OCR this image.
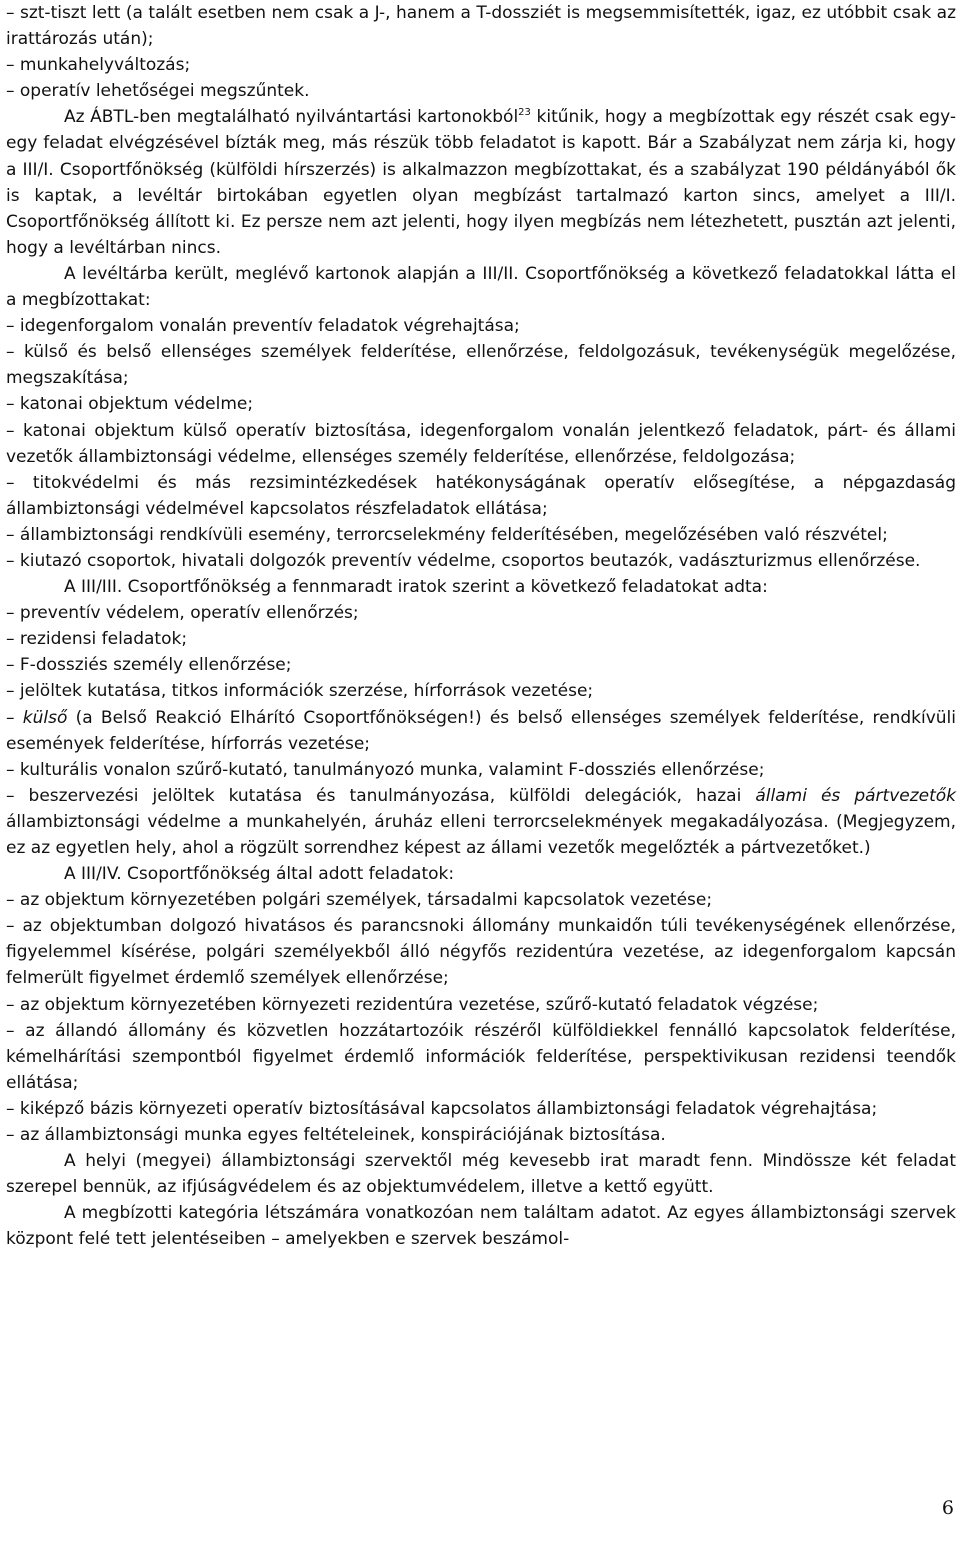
– szt-tiszt lett (a talált esetben nem csak a J-, hanem a T-dossziét is megsemmisítették, igaz, ez utóbbit csak az irattározás után);

– munkahelyváltozás;

– operatív lehetőségei megszűntek.

Az ÁBTL-ben megtalálható nyilvántartási kartonokból$^{23}$ kitűnik, hogy a megbízottak egy részét csak egy-egy feladat elvégzésével bízták meg, más részük több feladatot is kapott. Bár a Szabályzat nem zárja ki, hogy a III/I. Csoportfőnökség (külföldi hírszerzés) is alkalmazzon megbízottakat, és a szabályzat 190 példányából ők is kaptak, a levéltár birtokában egyetlen olyan megbízást tartalmazó karton sincs, amelyet a III/I. Csoportfőnökség állított ki. Ez persze nem azt jelenti, hogy ilyen megbízás nem létezhetett, pusztán azt jelenti, hogy a levéltárban nincs.

A levéltárba került, meglévő kartonok alapján a III/II. Csoportfőnökség a következő feladatokkal látta el a megbízottakat:

– idegenforgalom vonalán preventív feladatok végrehajtása;

– külső és belső ellenséges személyek felderítése, ellenőrzése, feldolgozásuk, tevékenységük megelőzése, megszakítása;

– katonai objektum védelme;

– katonai objektum külső operatív biztosítása, idegenforgalom vonalán jelentkező feladatok, párt- és állami vezetők állambiztonsági védelme, ellenséges személy felderítése, ellenőrzése, feldolgozása;

– titokvédelmi és más rezsimintézkedések hatékonyságának operatív elősegítése, a népgazdaság állambiztonsági védelmével kapcsolatos részfeladatok ellátása;

– állambiztonsági rendkívüli esemény, terrorcselekmény felderítésében, megelőzésében való részvétel;

– kiutazó csoportok, hivatali dolgozók preventív védelme, csoportos beutazók, vadászturizmus ellenőrzése.

A III/III. Csoportfőnökség a fennmaradt iratok szerint a következő feladatokat adta:

– preventív védelem, operatív ellenőrzés;

– rezidensi feladatok;

– F-dossziés személy ellenőrzése;

– jelöltek kutatása, titkos információk szerzése, hírforrások vezetése;

– külső (a Belső Reakció Elhárító Csoportfőnökségen!) és belső ellenséges személyek felderítése, rendkívüli események felderítése, hírforrás vezetése;

– kulturális vonalon szűrő-kutató, tanulmányozó munka, valamint F-dossziés ellenőrzése;

– beszervezési jelöltek kutatása és tanulmányozása, külföldi delegációk, hazai állami és pártvezetők állambiztonsági védelme a munkahelyén, áruház elleni terrorcselekmények megakadályozása. (Megjegyzem, ez az egyetlen hely, ahol a rögzült sorrendhez képest az állami vezetők megelőzték a pártvezetőket.)

A III/IV. Csoportfőnökség által adott feladatok:

– az objektum környezetében polgári személyek, társadalmi kapcsolatok vezetése;

– az objektumban dolgozó hivatásos és parancsnoki állomány munkaidőn túli tevékenységének ellenőrzése, figyelemmel kísérése, polgári személyekből álló négyfős rezidentúra vezetése, az idegenforgalom kapcsán felmerült figyelmet érdemlő személyek ellenőrzése;

– az objektum környezetében környezeti rezidentúra vezetése, szűrő-kutató feladatok végzése;

– az állandó állomány és közvetlen hozzátartozóik részéről külföldiekkel fennálló kapcsolatok felderítése, kémelhárítási szempontból figyelmet érdemlő információk felderítése, perspektivikusan rezidensi teendők ellátása;

– kiképző bázis környezeti operatív biztosításával kapcsolatos állambiztonsági feladatok végrehajtása;

– az állambiztonsági munka egyes feltételeinek, konspirációjának biztosítása.

A helyi (megyei) állambiztonsági szervektől még kevesebb irat maradt fenn. Mindössze két feladat szerepel bennük, az ifjúságvédelem és az objektumvédelem, illetve a kettő együtt.

A megbízotti kategória létszámára vonatkozóan nem találtam adatot. Az egyes állambiztonsági szervek központ felé tett jelentéseiben – amelyekben e szervek beszámol-

6
